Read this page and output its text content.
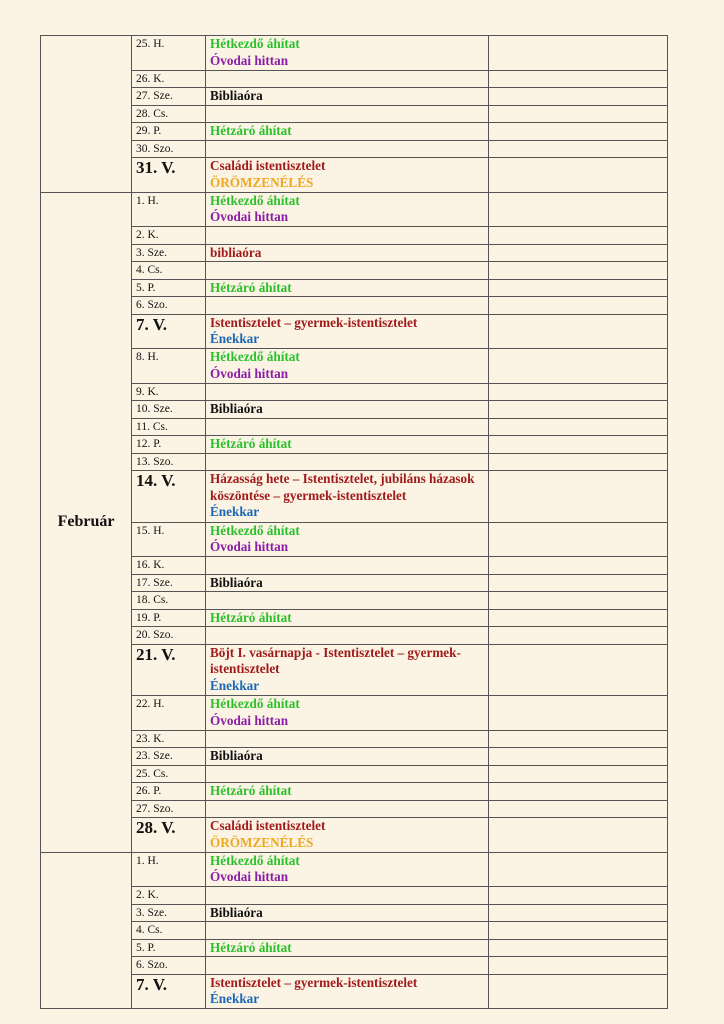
	25. H.	Hétkezdő áhítat
Óvodai hittan	

	26. K.		
	27. Sze.	Bibliaóra	

	28. Cs.		
	29. P.	Hétzáró áhítat	

	30. Szo.		
	31. V.	Családi istentisztelet
ÖRÖMZENÉLÉS	

Február	1. H.	Hétkezdő áhítat
Óvodai hittan	

	2. K.		
	3. Sze.	bibliaóra	

	4. Cs.		
	5. P.	Hétzáró áhítat	

	6. Szo.		
	7. V.	Istentisztelet – gyermek-istentisztelet
Énekkar	

	8. H.	Hétkezdő áhítat
Óvodai hittan	

	9. K.		
	10. Sze.	Bibliaóra	

	11. Cs.		
	12. P.	Hétzáró áhítat	

	13. Szo.		
	14. V.	Házasság hete – Istentisztelet, jubiláns házasok köszöntése – gyermek-istentisztelet
Énekkar	

	15. H.	Hétkezdő áhítat
Óvodai hittan	

	16. K.		
	17. Sze.	Bibliaóra	

	18. Cs.		
	19. P.	Hétzáró áhítat	

	20. Szo.		
	21. V.	Böjt I. vasárnapja - Istentisztelet – gyermek-istentisztelet
Énekkar	

	22. H.	Hétkezdő áhítat
Óvodai hittan	

	23. K.		
	23. Sze.	Bibliaóra	

	25. Cs.		
	26. P.	Hétzáró áhítat	

	27. Szo.		
	28. V.	Családi istentisztelet
ÖRÖMZENÉLÉS	

	1. H.	Hétkezdő áhítat
Óvodai hittan	

	2. K.		
	3. Sze.	Bibliaóra	

	4. Cs.		
	5. P.	Hétzáró áhítat	

	6. Szo.		
	7. V.	Istentisztelet – gyermek-istentisztelet
Énekkar	
